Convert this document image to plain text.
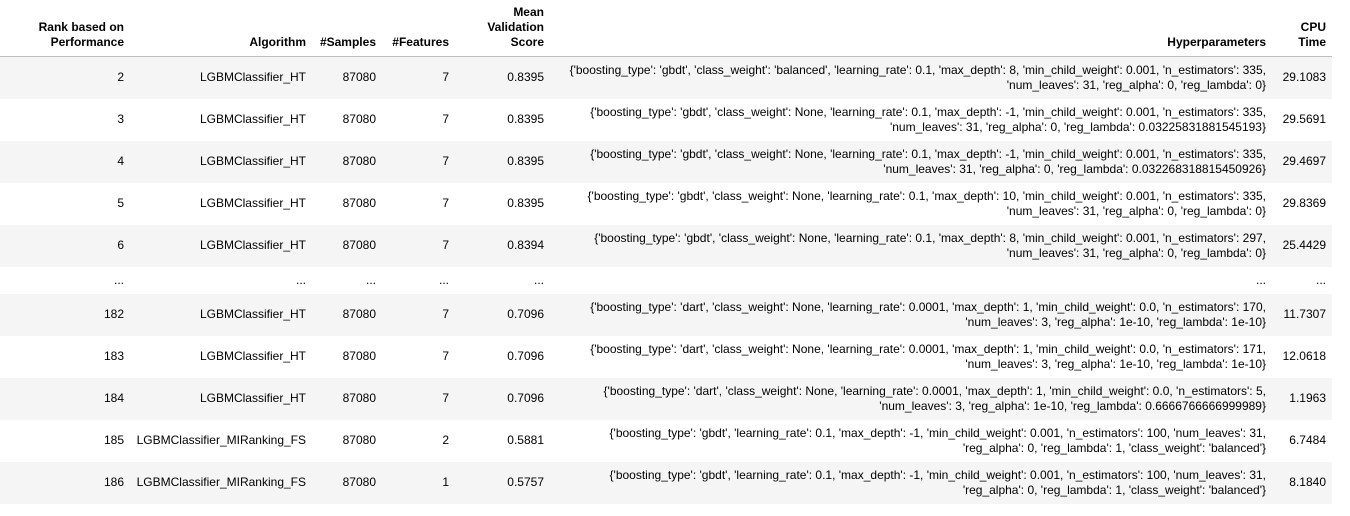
Rank based on Performance	Algorithm	#Samples	#Features	Mean Validation Score	Hyperparameters	CPU Time
2	LGBMClassifier_HT	87080	7	0.8395	{'boosting_type': 'gbdt', 'class_weight': 'balanced', 'learning_rate': 0.1, 'max_depth': 8, 'min_child_weight': 0.001, 'n_estimators': 335, 'num_leaves': 31, 'reg_alpha': 0, 'reg_lambda': 0}	29.1083
3	LGBMClassifier_HT	87080	7	0.8395	{'boosting_type': 'gbdt', 'class_weight': None, 'learning_rate': 0.1, 'max_depth': -1, 'min_child_weight': 0.001, 'n_estimators': 335, 'num_leaves': 31, 'reg_alpha': 0, 'reg_lambda': 0.03225831881545193}	29.5691
4	LGBMClassifier_HT	87080	7	0.8395	{'boosting_type': 'gbdt', 'class_weight': None, 'learning_rate': 0.1, 'max_depth': -1, 'min_child_weight': 0.001, 'n_estimators': 335, 'num_leaves': 31, 'reg_alpha': 0, 'reg_lambda': 0.032268318815450926}	29.4697
5	LGBMClassifier_HT	87080	7	0.8395	{'boosting_type': 'gbdt', 'class_weight': None, 'learning_rate': 0.1, 'max_depth': 10, 'min_child_weight': 0.001, 'n_estimators': 335, 'num_leaves': 31, 'reg_alpha': 0, 'reg_lambda': 0}	29.8369
6	LGBMClassifier_HT	87080	7	0.8394	{'boosting_type': 'gbdt', 'class_weight': None, 'learning_rate': 0.1, 'max_depth': 8, 'min_child_weight': 0.001, 'n_estimators': 297, 'num_leaves': 31, 'reg_alpha': 0, 'reg_lambda': 0}	25.4429
...	...	...	...	...	...	...
182	LGBMClassifier_HT	87080	7	0.7096	{'boosting_type': 'dart', 'class_weight': None, 'learning_rate': 0.0001, 'max_depth': 1, 'min_child_weight': 0.0, 'n_estimators': 170, 'num_leaves': 3, 'reg_alpha': 1e-10, 'reg_lambda': 1e-10}	11.7307
183	LGBMClassifier_HT	87080	7	0.7096	{'boosting_type': 'dart', 'class_weight': None, 'learning_rate': 0.0001, 'max_depth': 1, 'min_child_weight': 0.0, 'n_estimators': 171, 'num_leaves': 3, 'reg_alpha': 1e-10, 'reg_lambda': 1e-10}	12.0618
184	LGBMClassifier_HT	87080	7	0.7096	{'boosting_type': 'dart', 'class_weight': None, 'learning_rate': 0.0001, 'max_depth': 1, 'min_child_weight': 0.0, 'n_estimators': 5, 'num_leaves': 3, 'reg_alpha': 1e-10, 'reg_lambda': 0.6666766666999989}	1.1963
185	LGBMClassifier_MIRanking_FS	87080	2	0.5881	{'boosting_type': 'gbdt', 'learning_rate': 0.1, 'max_depth': -1, 'min_child_weight': 0.001, 'n_estimators': 100, 'num_leaves': 31, 'reg_alpha': 0, 'reg_lambda': 1, 'class_weight': 'balanced'}	6.7484
186	LGBMClassifier_MIRanking_FS	87080	1	0.5757	{'boosting_type': 'gbdt', 'learning_rate': 0.1, 'max_depth': -1, 'min_child_weight': 0.001, 'n_estimators': 100, 'num_leaves': 31, 'reg_alpha': 0, 'reg_lambda': 1, 'class_weight': 'balanced'}	8.1840
